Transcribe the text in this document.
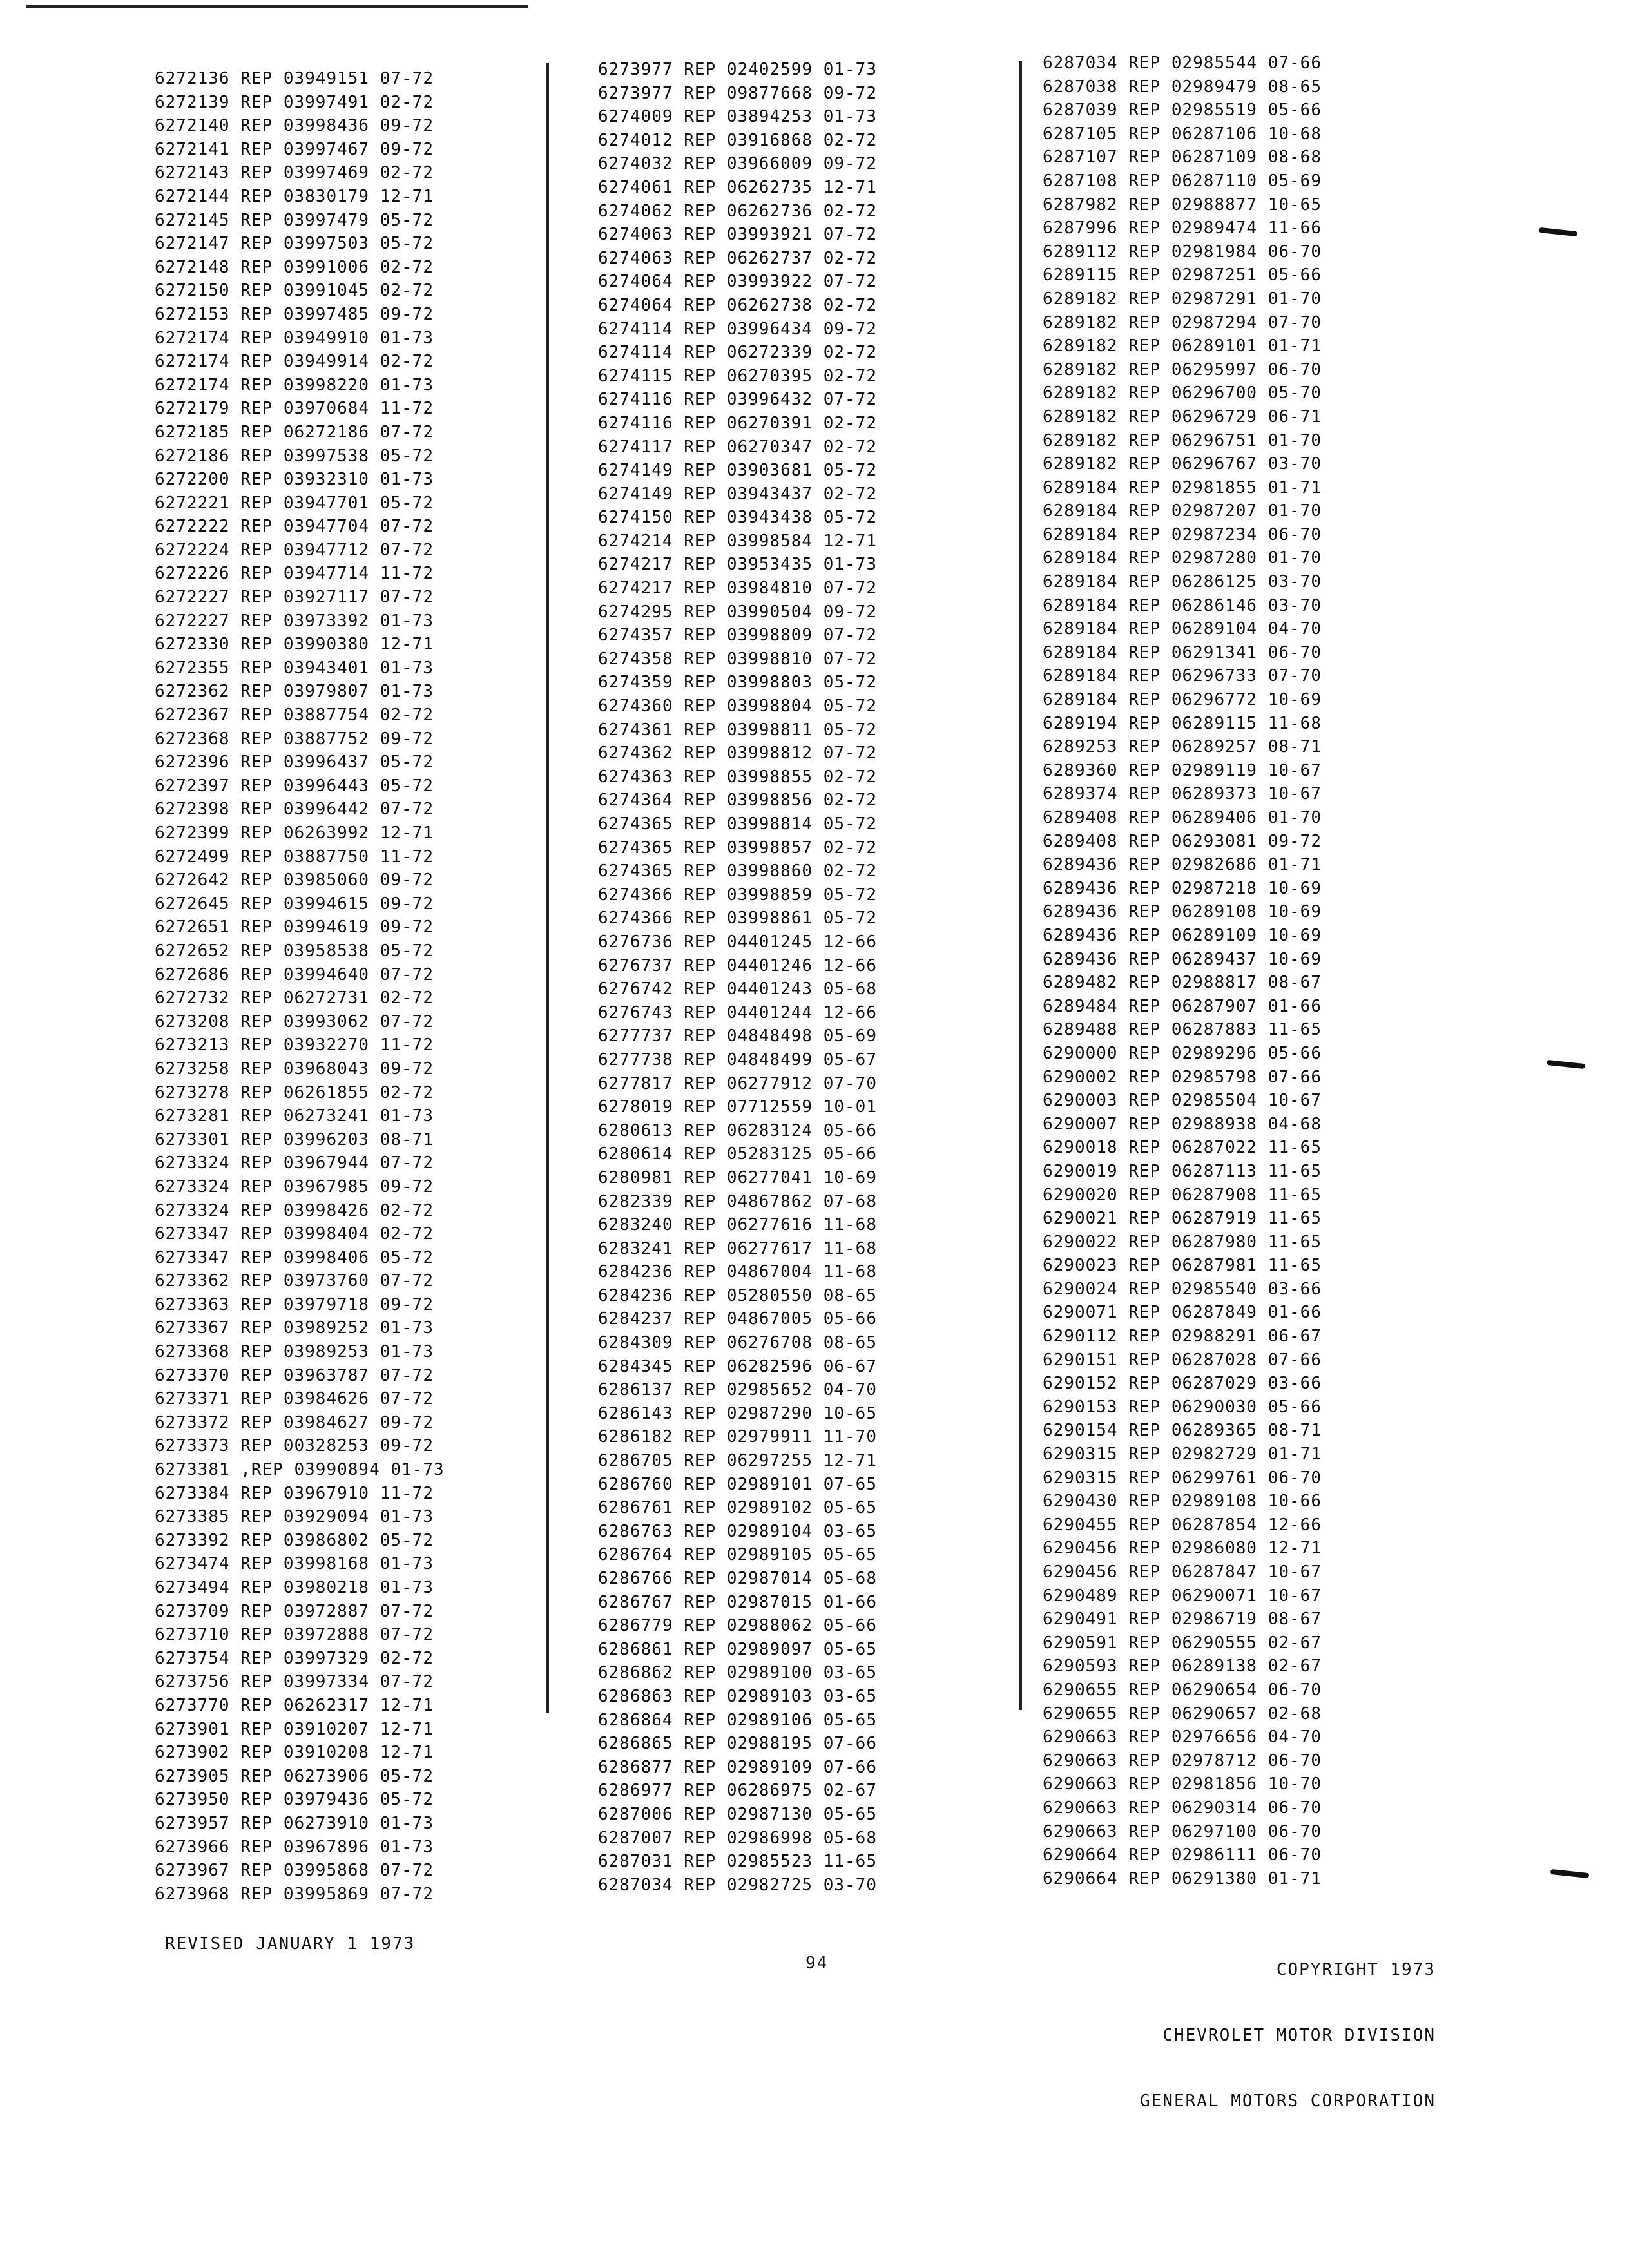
6272136 REP 03949151 07-72
6272139 REP 03997491 02-72
6272140 REP 03998436 09-72
6272141 REP 03997467 09-72
6272143 REP 03997469 02-72
6272144 REP 03830179 12-71
6272145 REP 03997479 05-72
6272147 REP 03997503 05-72
6272148 REP 03991006 02-72
6272150 REP 03991045 02-72
6272153 REP 03997485 09-72
6272174 REP 03949910 01-73
6272174 REP 03949914 02-72
6272174 REP 03998220 01-73
6272179 REP 03970684 11-72
6272185 REP 06272186 07-72
6272186 REP 03997538 05-72
6272200 REP 03932310 01-73
6272221 REP 03947701 05-72
6272222 REP 03947704 07-72
6272224 REP 03947712 07-72
6272226 REP 03947714 11-72
6272227 REP 03927117 07-72
6272227 REP 03973392 01-73
6272330 REP 03990380 12-71
6272355 REP 03943401 01-73
6272362 REP 03979807 01-73
6272367 REP 03887754 02-72
6272368 REP 03887752 09-72
6272396 REP 03996437 05-72
6272397 REP 03996443 05-72
6272398 REP 03996442 07-72
6272399 REP 06263992 12-71
6272499 REP 03887750 11-72
6272642 REP 03985060 09-72
6272645 REP 03994615 09-72
6272651 REP 03994619 09-72
6272652 REP 03958538 05-72
6272686 REP 03994640 07-72
6272732 REP 06272731 02-72
6273208 REP 03993062 07-72
6273213 REP 03932270 11-72
6273258 REP 03968043 09-72
6273278 REP 06261855 02-72
6273281 REP 06273241 01-73
6273301 REP 03996203 08-71
6273324 REP 03967944 07-72
6273324 REP 03967985 09-72
6273324 REP 03998426 02-72
6273347 REP 03998404 02-72
6273347 REP 03998406 05-72
6273362 REP 03973760 07-72
6273363 REP 03979718 09-72
6273367 REP 03989252 01-73
6273368 REP 03989253 01-73
6273370 REP 03963787 07-72
6273371 REP 03984626 07-72
6273372 REP 03984627 09-72
6273373 REP 00328253 09-72
6273381 ,REP 03990894 01-73
6273384 REP 03967910 11-72
6273385 REP 03929094 01-73
6273392 REP 03986802 05-72
6273474 REP 03998168 01-73
6273494 REP 03980218 01-73
6273709 REP 03972887 07-72
6273710 REP 03972888 07-72
6273754 REP 03997329 02-72
6273756 REP 03997334 07-72
6273770 REP 06262317 12-71
6273901 REP 03910207 12-71
6273902 REP 03910208 12-71
6273905 REP 06273906 05-72
6273950 REP 03979436 05-72
6273957 REP 06273910 01-73
6273966 REP 03967896 01-73
6273967 REP 03995868 07-72
6273968 REP 03995869 07-72
6273977 REP 02402599 01-73
6273977 REP 09877668 09-72
6274009 REP 03894253 01-73
6274012 REP 03916868 02-72
6274032 REP 03966009 09-72
6274061 REP 06262735 12-71
6274062 REP 06262736 02-72
6274063 REP 03993921 07-72
6274063 REP 06262737 02-72
6274064 REP 03993922 07-72
6274064 REP 06262738 02-72
6274114 REP 03996434 09-72
6274114 REP 06272339 02-72
6274115 REP 06270395 02-72
6274116 REP 03996432 07-72
6274116 REP 06270391 02-72
6274117 REP 06270347 02-72
6274149 REP 03903681 05-72
6274149 REP 03943437 02-72
6274150 REP 03943438 05-72
6274214 REP 03998584 12-71
6274217 REP 03953435 01-73
6274217 REP 03984810 07-72
6274295 REP 03990504 09-72
6274357 REP 03998809 07-72
6274358 REP 03998810 07-72
6274359 REP 03998803 05-72
6274360 REP 03998804 05-72
6274361 REP 03998811 05-72
6274362 REP 03998812 07-72
6274363 REP 03998855 02-72
6274364 REP 03998856 02-72
6274365 REP 03998814 05-72
6274365 REP 03998857 02-72
6274365 REP 03998860 02-72
6274366 REP 03998859 05-72
6274366 REP 03998861 05-72
6276736 REP 04401245 12-66
6276737 REP 04401246 12-66
6276742 REP 04401243 05-68
6276743 REP 04401244 12-66
6277737 REP 04848498 05-69
6277738 REP 04848499 05-67
6277817 REP 06277912 07-70
6278019 REP 07712559 10-01
6280613 REP 06283124 05-66
6280614 REP 05283125 05-66
6280981 REP 06277041 10-69
6282339 REP 04867862 07-68
6283240 REP 06277616 11-68
6283241 REP 06277617 11-68
6284236 REP 04867004 11-68
6284236 REP 05280550 08-65
6284237 REP 04867005 05-66
6284309 REP 06276708 08-65
6284345 REP 06282596 06-67
6286137 REP 02985652 04-70
6286143 REP 02987290 10-65
6286182 REP 02979911 11-70
6286705 REP 06297255 12-71
6286760 REP 02989101 07-65
6286761 REP 02989102 05-65
6286763 REP 02989104 03-65
6286764 REP 02989105 05-65
6286766 REP 02987014 05-68
6286767 REP 02987015 01-66
6286779 REP 02988062 05-66
6286861 REP 02989097 05-65
6286862 REP 02989100 03-65
6286863 REP 02989103 03-65
6286864 REP 02989106 05-65
6286865 REP 02988195 07-66
6286877 REP 02989109 07-66
6286977 REP 06286975 02-67
6287006 REP 02987130 05-65
6287007 REP 02986998 05-68
6287031 REP 02985523 11-65
6287034 REP 02982725 03-70
6287034 REP 02985544 07-66
6287038 REP 02989479 08-65
6287039 REP 02985519 05-66
6287105 REP 06287106 10-68
6287107 REP 06287109 08-68
6287108 REP 06287110 05-69
6287982 REP 02988877 10-65
6287996 REP 02989474 11-66
6289112 REP 02981984 06-70
6289115 REP 02987251 05-66
6289182 REP 02987291 01-70
6289182 REP 02987294 07-70
6289182 REP 06289101 01-71
6289182 REP 06295997 06-70
6289182 REP 06296700 05-70
6289182 REP 06296729 06-71
6289182 REP 06296751 01-70
6289182 REP 06296767 03-70
6289184 REP 02981855 01-71
6289184 REP 02987207 01-70
6289184 REP 02987234 06-70
6289184 REP 02987280 01-70
6289184 REP 06286125 03-70
6289184 REP 06286146 03-70
6289184 REP 06289104 04-70
6289184 REP 06291341 06-70
6289184 REP 06296733 07-70
6289184 REP 06296772 10-69
6289194 REP 06289115 11-68
6289253 REP 06289257 08-71
6289360 REP 02989119 10-67
6289374 REP 06289373 10-67
6289408 REP 06289406 01-70
6289408 REP 06293081 09-72
6289436 REP 02982686 01-71
6289436 REP 02987218 10-69
6289436 REP 06289108 10-69
6289436 REP 06289109 10-69
6289436 REP 06289437 10-69
6289482 REP 02988817 08-67
6289484 REP 06287907 01-66
6289488 REP 06287883 11-65
6290000 REP 02989296 05-66
6290002 REP 02985798 07-66
6290003 REP 02985504 10-67
6290007 REP 02988938 04-68
6290018 REP 06287022 11-65
6290019 REP 06287113 11-65
6290020 REP 06287908 11-65
6290021 REP 06287919 11-65
6290022 REP 06287980 11-65
6290023 REP 06287981 11-65
6290024 REP 02985540 03-66
6290071 REP 06287849 01-66
6290112 REP 02988291 06-67
6290151 REP 06287028 07-66
6290152 REP 06287029 03-66
6290153 REP 06290030 05-66
6290154 REP 06289365 08-71
6290315 REP 02982729 01-71
6290315 REP 06299761 06-70
6290430 REP 02989108 10-66
6290455 REP 06287854 12-66
6290456 REP 02986080 12-71
6290456 REP 06287847 10-67
6290489 REP 06290071 10-67
6290491 REP 02986719 08-67
6290591 REP 06290555 02-67
6290593 REP 06289138 02-67
6290655 REP 06290654 06-70
6290655 REP 06290657 02-68
6290663 REP 02976656 04-70
6290663 REP 02978712 06-70
6290663 REP 02981856 10-70
6290663 REP 06290314 06-70
6290663 REP 06297100 06-70
6290664 REP 02986111 06-70
6290664 REP 06291380 01-71
REVISED JANUARY 1 1973
94

	COPYRIGHT 1973

CHEVROLET MOTOR DIVISION

GENERAL MOTORS CORPORATION
